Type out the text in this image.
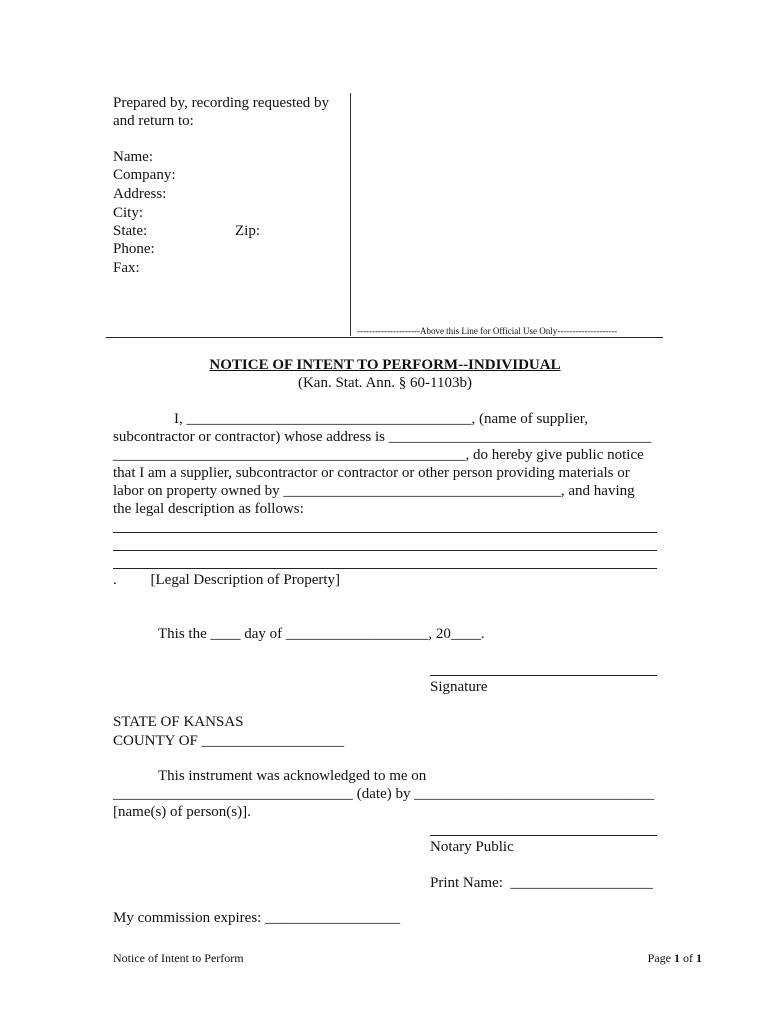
Prepared by, recording requested by
and return to:
Name:
Company:
Address:
City:
State:	Zip:
Phone:
Fax:
---------------------Above this Line for Official Use Only--------------------
NOTICE OF INTENT TO PERFORM--INDIVIDUAL
(Kan. Stat. Ann. § 60-1103b)
I, ______________________________________, (name of supplier,
subcontractor or contractor) whose address is ___________________________________
_______________________________________________, do hereby give public notice
that I am a supplier, subcontractor or contractor or other person providing materials or
labor on property owned by _____________________________________, and having
the legal description as follows:
.         [Legal Description of Property]
This the ____ day of ___________________, 20____.
Signature
STATE OF KANSAS
COUNTY OF ___________________
This instrument was acknowledged to me on
________________________________ (date) by ________________________________
[name(s) of person(s)].
Notary Public
Print Name:  ___________________
My commission expires: __________________
Notice of Intent to Perform	Page 1 of 1
